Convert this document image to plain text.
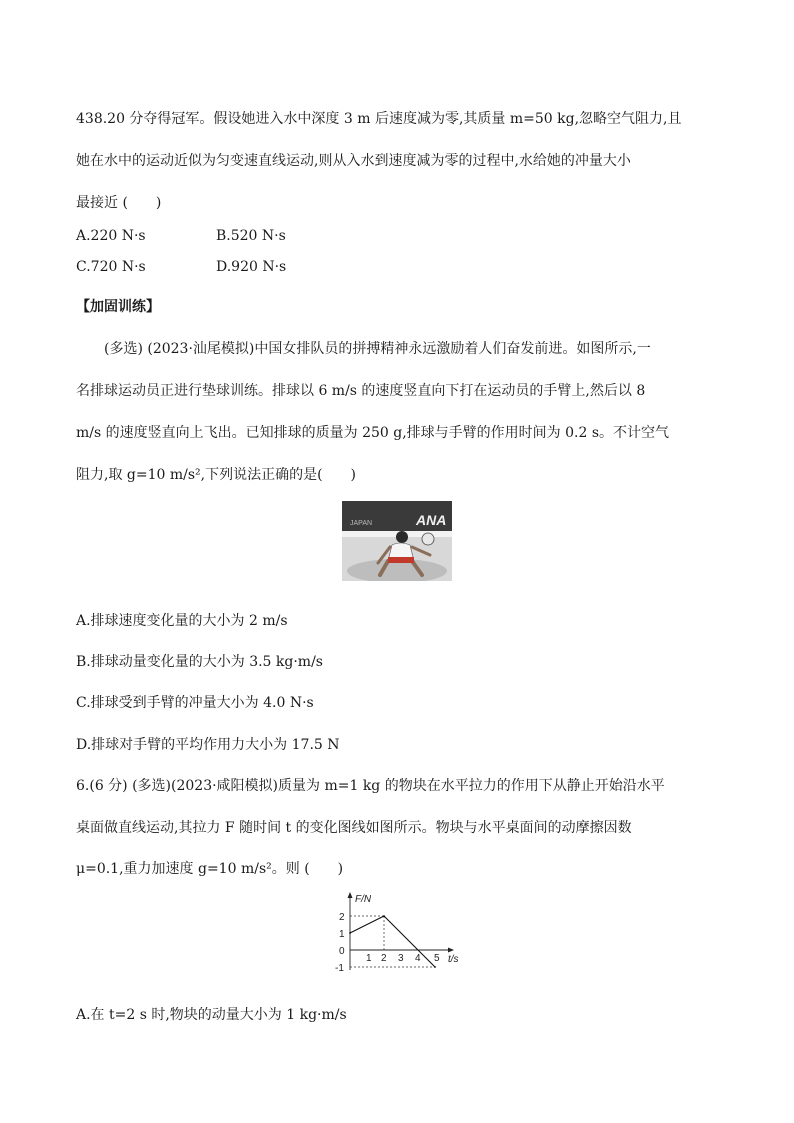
438.20 分夺得冠军。假设她进入水中深度 3 m 后速度减为零,其质量 m=50 kg,忽略空气阻力,且
她在水中的运动近似为匀变速直线运动,则从入水到速度减为零的过程中,水给她的冲量大小
最接近 (　　)
A.220 N·s	B.520 N·s
C.720 N·s	D.920 N·s
【加固训练】
(多选) (2023·汕尾模拟)中国女排队员的拼搏精神永远激励着人们奋发前进。如图所示,一
名排球运动员正进行垫球训练。排球以 6 m/s 的速度竖直向下打在运动员的手臂上,然后以 8
m/s 的速度竖直向上飞出。已知排球的质量为 250 g,排球与手臂的作用时间为 0.2 s。不计空气
阻力,取 g=10 m/s²,下列说法正确的是(　　)
JAPAN	ANA
A.排球速度变化量的大小为 2 m/s
B.排球动量变化量的大小为 3.5 kg·m/s
C.排球受到手臂的冲量大小为 4.0 N·s
D.排球对手臂的平均作用力大小为 17.5 N
6.(6 分) (多选)(2023·咸阳模拟)质量为 m=1 kg 的物块在水平拉力的作用下从静止开始沿水平
桌面做直线运动,其拉力 F 随时间 t 的变化图线如图所示。物块与水平桌面间的动摩擦因数
μ=0.1,重力加速度 g=10 m/s²。则 (　　)
F/N
t/s
2
1
0
-1
1 2 3 4 5
A.在 t=2 s 时,物块的动量大小为 1 kg·m/s
